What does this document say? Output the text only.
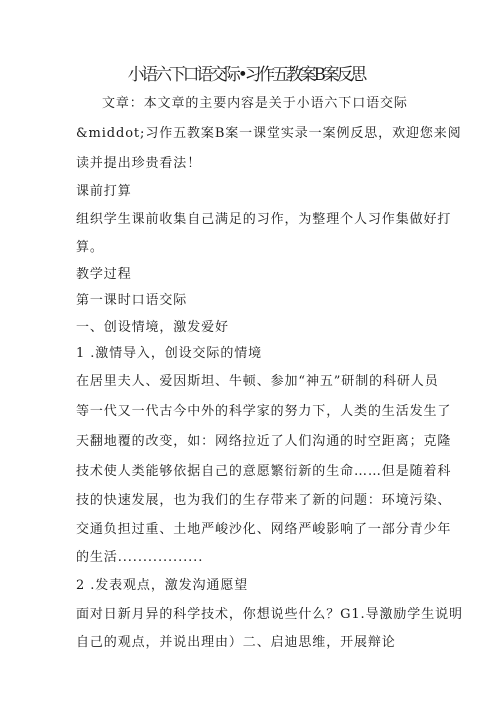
小语六下口语交际•习作五教案B案反思
文章：本文章的主要内容是关于小语六下口语交际
&middot;习作五教案B案一课堂实录一案例反思，欢迎您来阅
读并提出珍贵看法！
课前打算
组织学生课前收集自己满足的习作，为整理个人习作集做好打
算。
教学过程
第一课时口语交际
一、创设情境，激发爱好
1 .激情导入，创设交际的情境
在居里夫人、爱因斯坦、牛顿、参加“神五”研制的科研人员
等一代又一代古今中外的科学家的努力下，人类的生活发生了
天翻地覆的改变，如：网络拉近了人们沟通的时空距离；克隆
技术使人类能够依据自己的意愿繁衍新的生命……但是随着科
技的快速发展，也为我们的生存带来了新的问题：环境污染、
交通负担过重、土地严峻沙化、网络严峻影响了一部分青少年
的生活.................
2 .发表观点，激发沟通愿望
面对日新月异的科学技术，你想说些什么？G1.导激励学生说明
自己的观点，并说出理由）二、启迪思维，开展辩论
